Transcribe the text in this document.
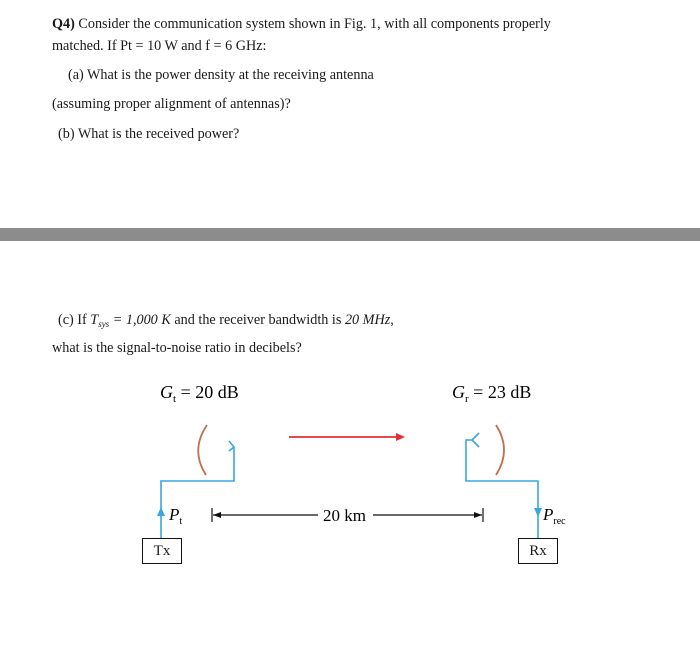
Q4) Consider the communication system shown in Fig. 1, with all components properly
matched. If Pt = 10 W and f = 6 GHz:
(a) What is the power density at the receiving antenna
(assuming proper alignment of antennas)?
(b) What is the received power?
(c) If $T_{sys} = 1,000$ K and the receiver bandwidth is 20 MHz,
what is the signal-to-noise ratio in decibels?
$G_t = 20$ dB	$G_r = 23$ dB
20 km
$P_t$	$P_{rec}$
Tx	Rx
